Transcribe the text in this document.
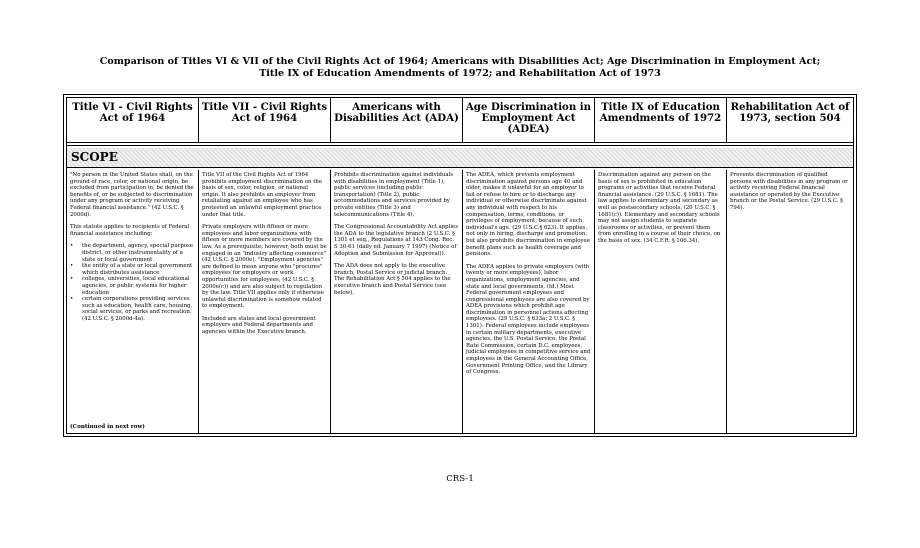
Comparison of Titles VI & VII of the Civil Rights Act of 1964; Americans with Disabilities Act; Age Discrimination in Employment Act;
Title IX of Education Amendments of 1972; and Rehabilitation Act of 1973
Title VI - Civil Rights Act of 1964
Title VII - Civil Rights Act of 1964
Americans with Disabilities Act (ADA)
Age Discrimination in Employment Act (ADEA)
Title IX of Education Amendments of 1972
Rehabilitation Act of 1973, section 504
SCOPE

"No person in the United States shall, on the ground of race, color, or national origin, be excluded from participation in, be denied the benefits of, or be subjected to discrimination under any program or activity receiving Federal financial assistance." (42 U.S.C. § 2000d).

This statute applies to recipients of Federal financial assistance including:

• the department, agency, special purpose district, or other instrumentality of a state or local government
• the entity of a state or local government which distributes assistance
• colleges, universities, local educational agencies, or public systems for higher education
• certain corporations providing services such as education, health care, housing, social services, or parks and recreation. (42 U.S.C. § 2000d-4a).
(Continued in next row)

Title VII of the Civil Rights Act of 1964 prohibits employment discrimination on the basis of sex, color, religion, or national origin. It also prohibits an employer from retaliating against an employee who has protested an unlawful employment practice under that title.

Private employers with fifteen or more employees and labor organizations with fifteen or more members are covered by the law. As a prerequisite; however, both must be engaged in an "industry affecting commerce" (42 U.S.C. § 2000e). "Employment agencies" are defined to mean anyone who "procures" employees for employers or work opportunities for employees, (42 U.S.C. § 2000e(c)) and are also subject to regulation by the law. Title VII applies only if otherwise unlawful discrimination is somehow related to employment.

Included are states and local government employers and Federal departments and agencies within the Executive branch.

Prohibits discrimination against individuals with disabilities in employment (Title 1), public services (including public transportation) (Title 2), public accommodations and services provided by private entities (Title 3) and telecommunications (Title 4).

The Congressional Accountability Act applies the ADA to the legislative branch (2 U.S.C. § 1301 et seq., Regulations at 143 Cong. Rec. S 30-61 (daily ed. January 7 1997) (Notice of Adoption and Submission for Approval)).

The ADA does not apply to the executive branch, Postal Service or judicial branch. The Rehabilitation Act § 504 applies to the executive branch and Postal Service (see below).

The ADEA, which prevents employment discrimination against persons age 40 and older, makes it unlawful for an employer to fail or refuse to hire or to discharge any individual or otherwise discriminate against any individual with respect to his compensation, terms, conditions, or privileges of employment, because of such individual's age. (29 U.S.C.§ 623). It applies, not only in hiring, discharge and promotion, but also prohibits discrimination in employee benefit plans such as health coverage and pensions.

The ADEA applies to private employers (with twenty or more employees), labor organizations, employment agencies, and state and local governments. (Id.) Most Federal government employees and congressional employees are also covered by ADEA provisions which prohibit age discrimination in personnel actions affecting employees. (29 U.S.C. § 633a; 2 U.S.C. § 1301). Federal employees include employees in certain military departments, executive agencies, the U.S. Postal Service, the Postal Rate Commission, certain D.C. employees, judicial employees in competitive service and employees in the General Accounting Office, Government Printing Office, and the Library of Congress.

Discrimination against any person on the basis of sex is prohibited in education programs or activities that receive Federal financial assistance. (20 U.S.C. § 1681). The law applies to elementary and secondary as well as postsecondary schools. (20 U.S.C. § 1681(c)). Elementary and secondary schools may not assign students to separate classrooms or activities, or prevent them from enrolling in a course of their choice, on the basis of sex. (34 C.F.R. § 106.34).

Prevents discrimination of qualified persons with disabilities in any program or activity receiving Federal financial assistance or operated by the Executive branch or the Postal Service. (29 U.S.C. § 794).

CRS-1
